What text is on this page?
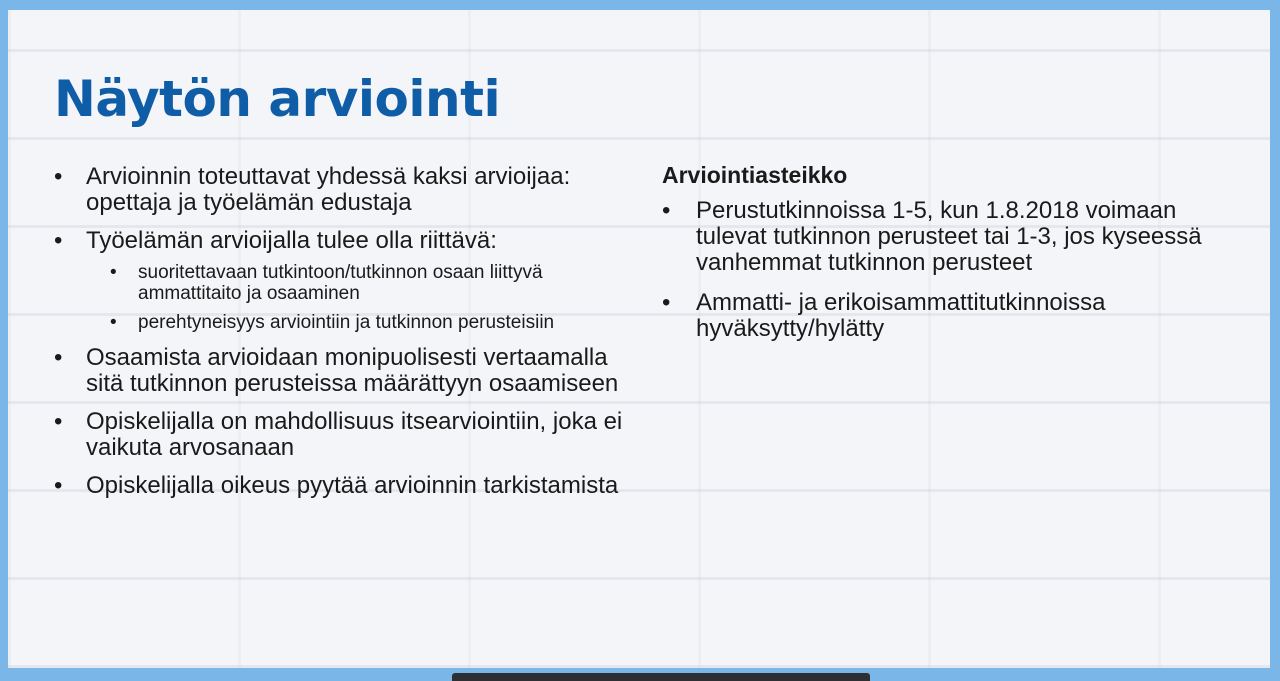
Näytön arviointi
• Arvioinnin toteuttavat yhdessä kaksi arvioijaa: opettaja ja työelämän edustaja
• Työelämän arvioijalla tulee olla riittävä:
• suoritettavaan tutkintoon/tutkinnon osaan liittyvä ammattitaito ja osaaminen
• perehtyneisyys arviointiin ja tutkinnon perusteisiin
• Osaamista arvioidaan monipuolisesti vertaamalla sitä tutkinnon perusteissa määrättyyn osaamiseen
• Opiskelijalla on mahdollisuus itsearviointiin, joka ei vaikuta arvosanaan
• Opiskelijalla oikeus pyytää arvioinnin tarkistamista
Arviointiasteikko
• Perustutkinnoissa 1-5, kun 1.8.2018 voimaan tulevat tutkinnon perusteet tai 1-3, jos kyseessä vanhemmat tutkinnon perusteet
• Ammatti- ja erikoisammattitutkinnoissa hyväksytty/hylätty
